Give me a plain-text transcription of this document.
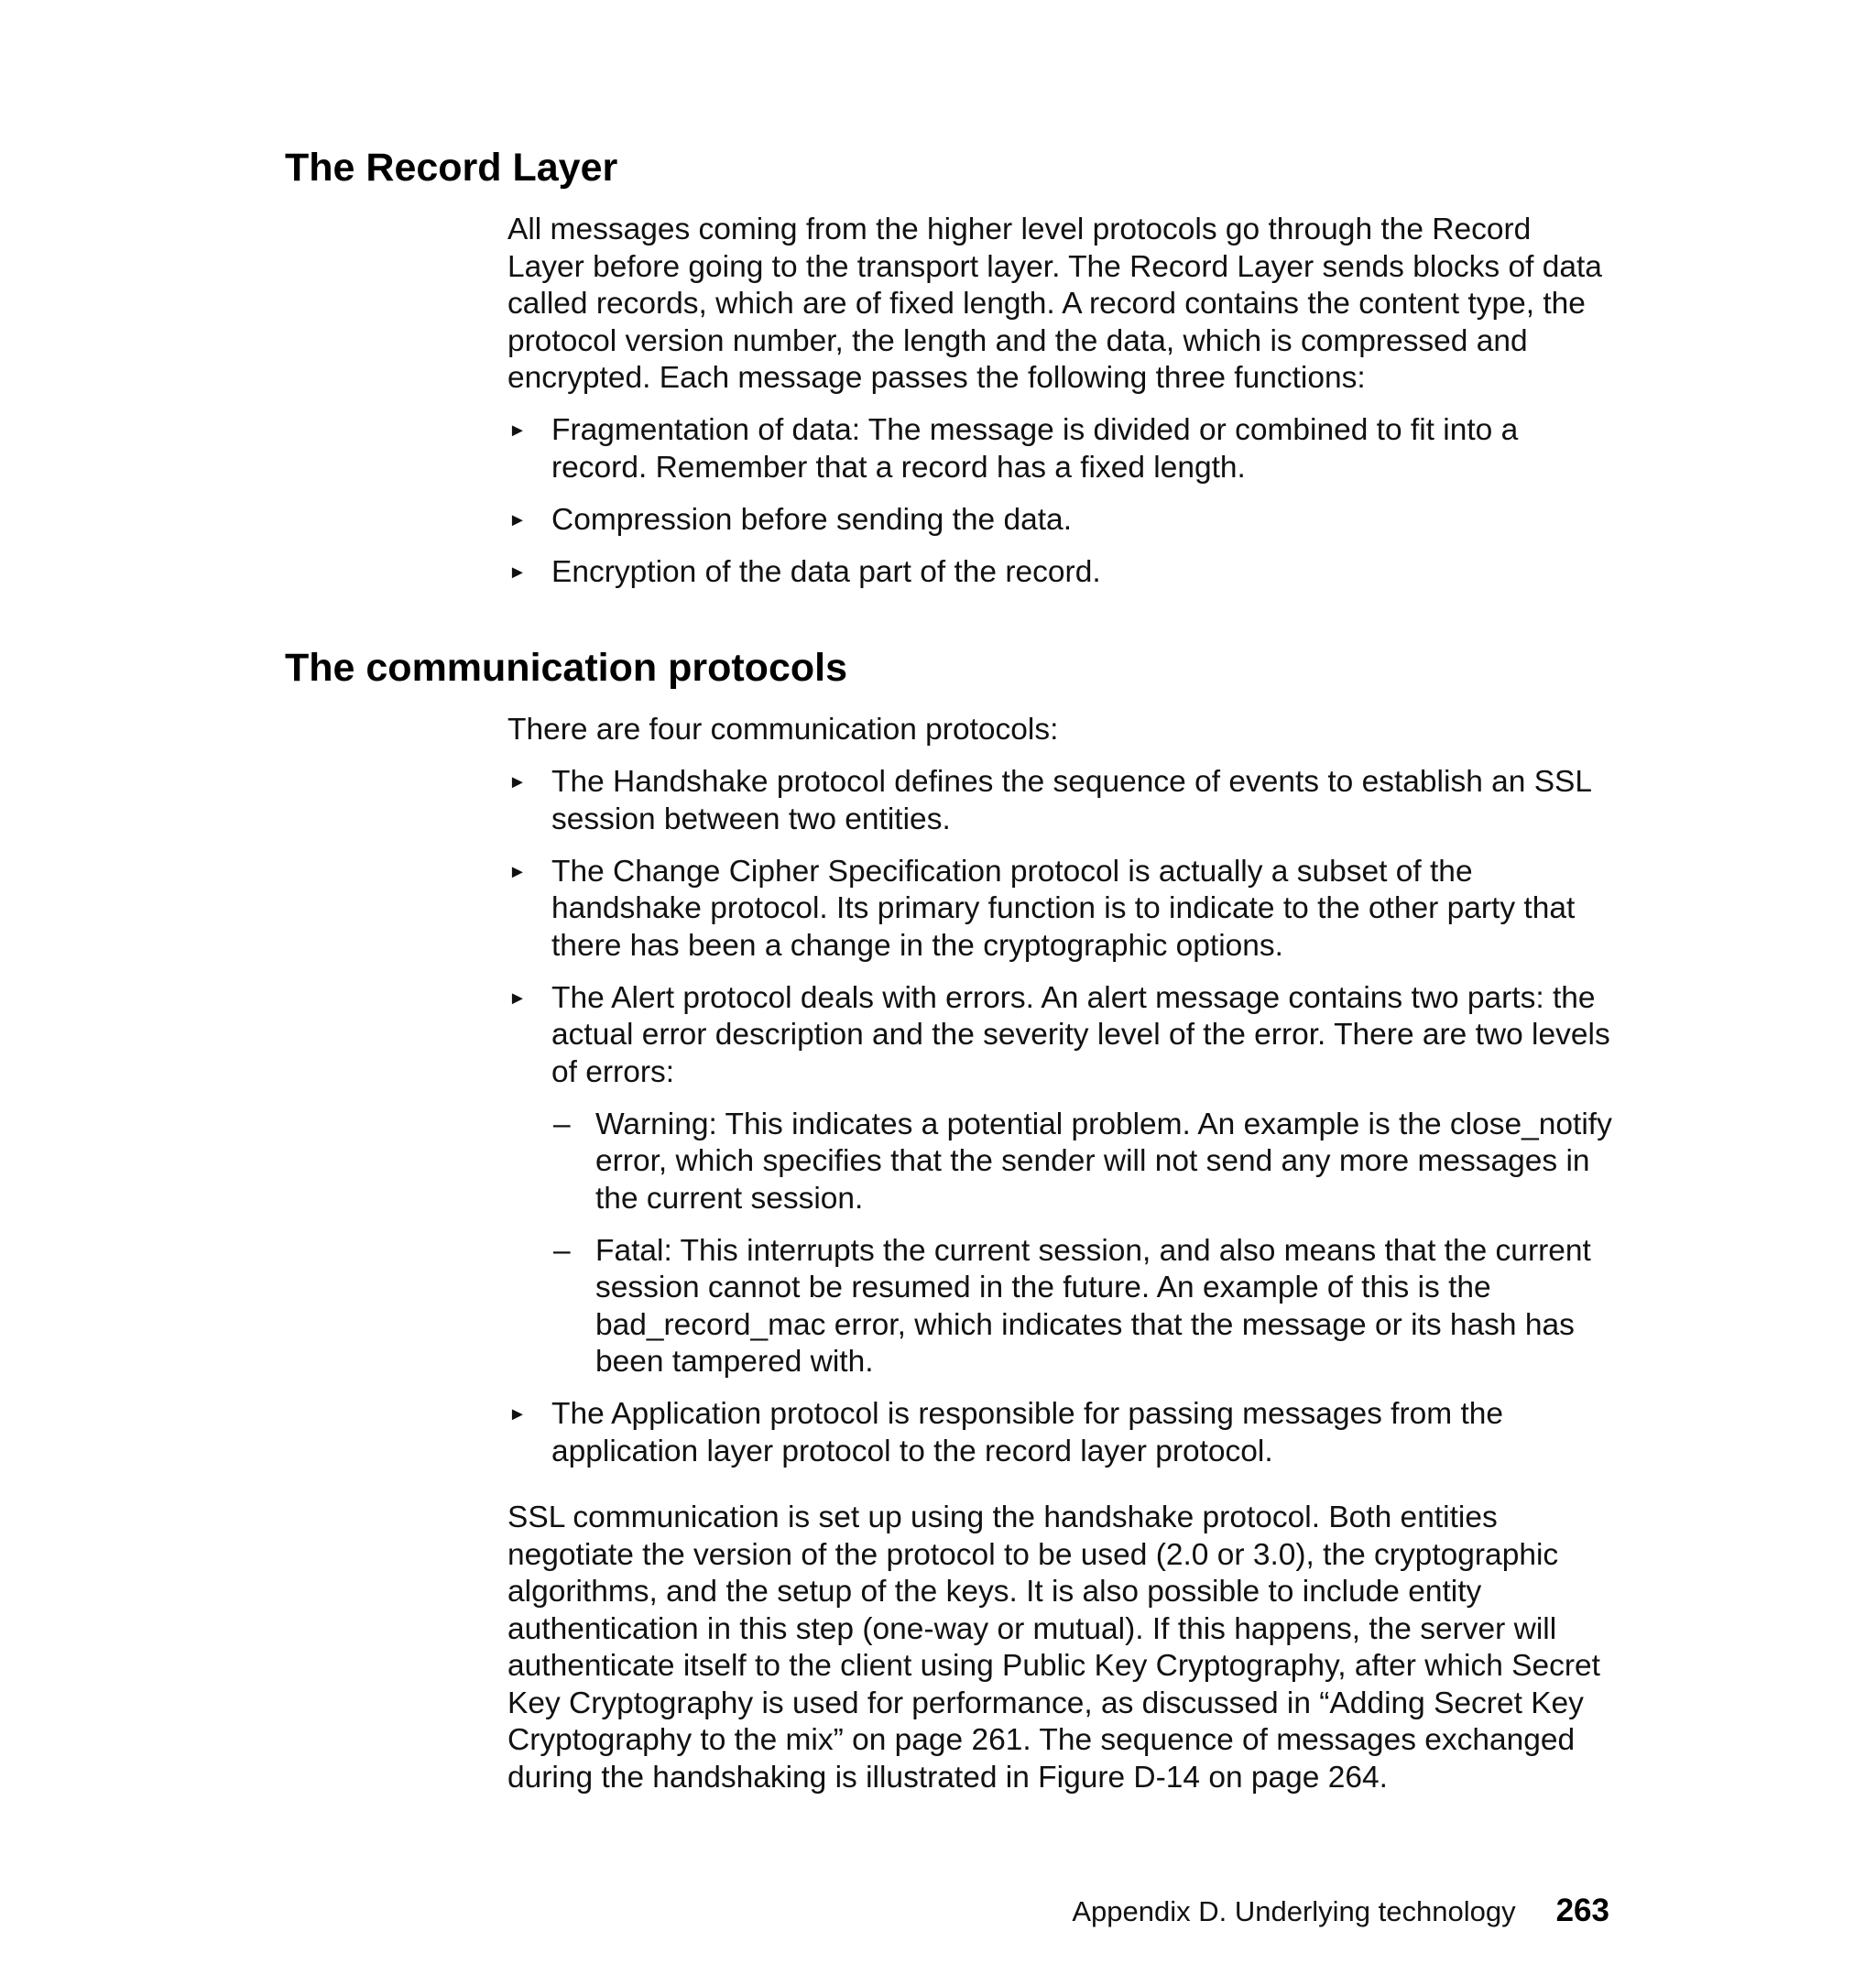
The Record Layer

All messages coming from the higher level protocols go through the Record Layer before going to the transport layer. The Record Layer sends blocks of data called records, which are of fixed length. A record contains the content type, the protocol version number, the length and the data, which is compressed and encrypted. Each message passes the following three functions:

► Fragmentation of data: The message is divided or combined to fit into a record. Remember that a record has a fixed length.
► Compression before sending the data.
► Encryption of the data part of the record.
The communication protocols

There are four communication protocols:

► The Handshake protocol defines the sequence of events to establish an SSL session between two entities.
► The Change Cipher Specification protocol is actually a subset of the handshake protocol. Its primary function is to indicate to the other party that there has been a change in the cryptographic options.
► The Alert protocol deals with errors. An alert message contains two parts: the actual error description and the severity level of the error. There are two levels of errors:
– Warning: This indicates a potential problem. An example is the close_notify error, which specifies that the sender will not send any more messages in the current session.
– Fatal: This interrupts the current session, and also means that the current session cannot be resumed in the future. An example of this is the bad_record_mac error, which indicates that the message or its hash has been tampered with.
► The Application protocol is responsible for passing messages from the application layer protocol to the record layer protocol.

SSL communication is set up using the handshake protocol. Both entities negotiate the version of the protocol to be used (2.0 or 3.0), the cryptographic algorithms, and the setup of the keys. It is also possible to include entity authentication in this step (one-way or mutual). If this happens, the server will authenticate itself to the client using Public Key Cryptography, after which Secret Key Cryptography is used for performance, as discussed in “Adding Secret Key Cryptography to the mix” on page 261. The sequence of messages exchanged during the handshaking is illustrated in Figure D-14 on page 264.

Appendix D. Underlying technology 263
